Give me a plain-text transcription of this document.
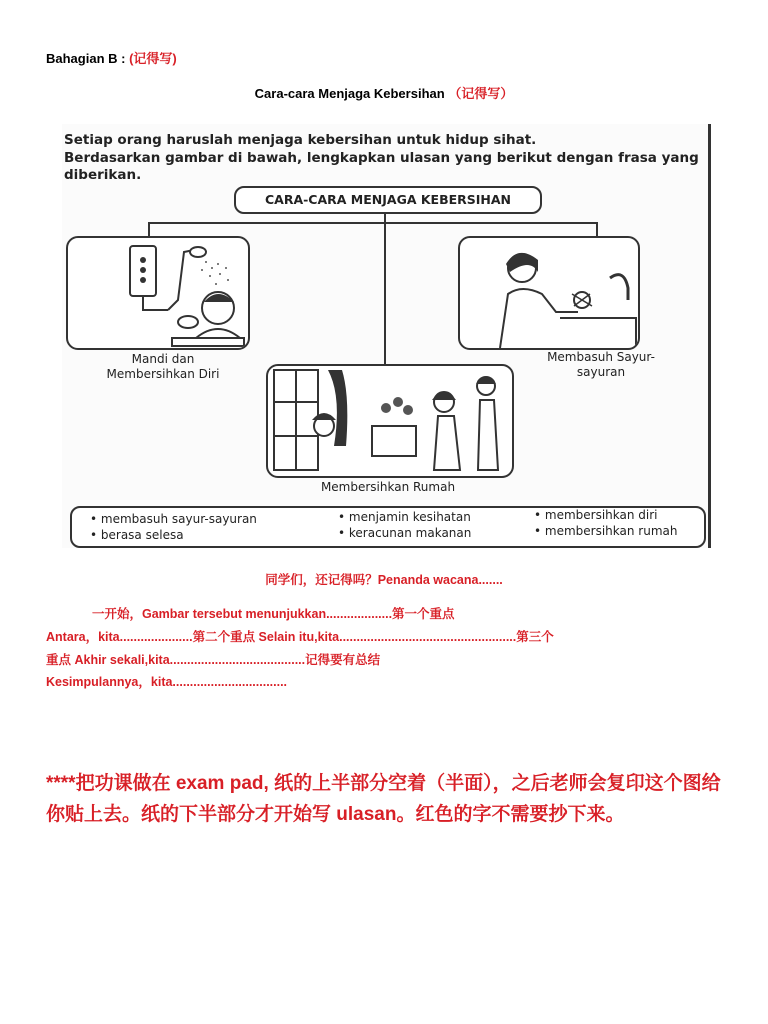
Bahagian B : (记得写)
Cara-cara Menjaga Kebersihan （记得写）
Setiap orang haruslah menjaga kebersihan untuk hidup sihat.
Berdasarkan gambar di bawah, lengkapkan ulasan yang berikut dengan frasa yang
diberikan.
CARA-CARA MENJAGA KEBERSIHAN
Mandi dan
Membersihkan Diri
Membasuh Sayur-
sayuran
Membersihkan Rumah
• membasuh sayur-sayuran
• berasa selesa
• menjamin kesihatan
• keracunan makanan
• membersihkan diri
• membersihkan rumah
同学们，还记得吗？Penanda wacana.......
一开始，Gambar tersebut menunjukkan...................第一个重点
Antara，kita.....................第二个重点 Selain itu,kita...................................................第三个
重点 Akhir sekali,kita.......................................记得要有总结
Kesimpulannya，kita.................................
****把功课做在 exam pad, 纸的上半部分空着（半面），之后老师会复印这个图给你贴上去。纸的下半部分才开始写 ulasan。红色的字不需要抄下来。
